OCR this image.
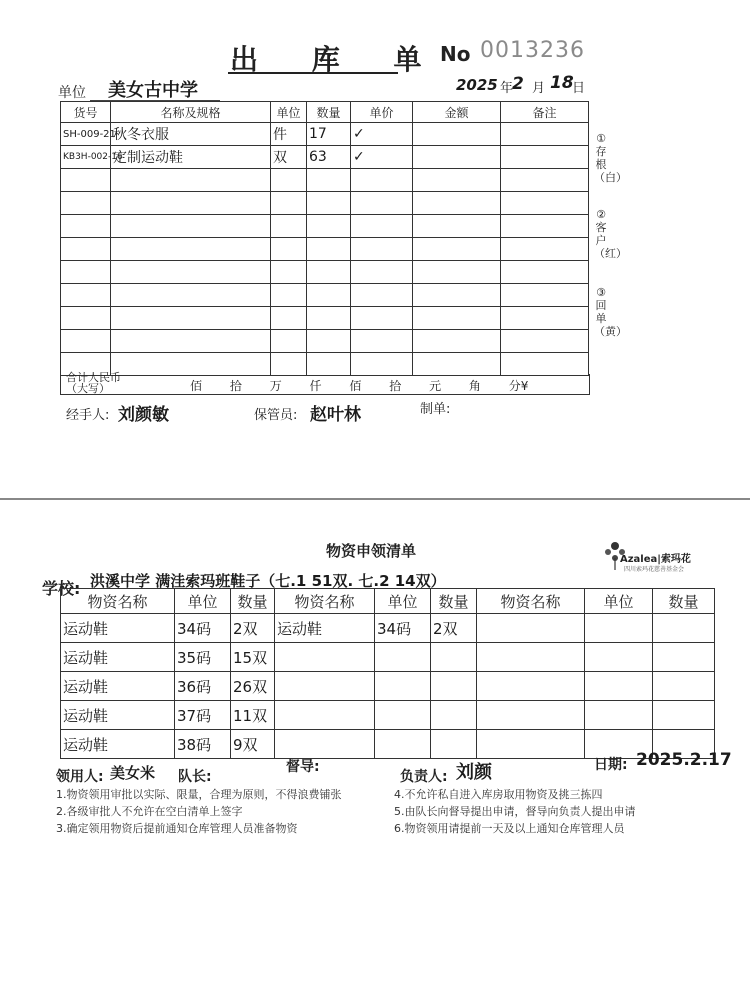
出 库 单
No 0013236
单位 美女古中学	2025 年
2 月 18
日
货号	名称及规格	单位	数量	单价	金额	备注
SH-009-21	秋冬衣服	件	17	✓		
KB3H-002-16	定制运动鞋	双	63	✓		

合计人民币（大写）	佰 拾 万 仟 佰 拾 元 角 分¥
①存根（白）
②客户（红）
③回单（黄）
经手人: 刘颜敏	保管员: 赵叶林	制单:
物资申领清单	Azalea|索玛花
四川索玛花慈善基金会
学校: 洪溪中学 满洼索玛班鞋子（七.1 51双. 七.2 14双）
物资名称	单位	数量	物资名称	单位	数量	物资名称	单位	数量
运动鞋	34码	2双	运动鞋	34码	2双			
运动鞋	35码	15双						
运动鞋	36码	26双						
运动鞋	37码	11双						
运动鞋	38码	9双						
领用人: 美女米 队长:
督导:
负责人: 刘颜	日期: 2025.2.17
1.物资领用审批以实际、限量，合理为原则，不得浪费铺张
2.各级审批人不允许在空白清单上签字
3.确定领用物资后提前通知仓库管理人员准备物资
4.不允许私自进入库房取用物资及挑三拣四
5.由队长向督导提出申请，督导向负责人提出申请
6.物资领用请提前一天及以上通知仓库管理人员
